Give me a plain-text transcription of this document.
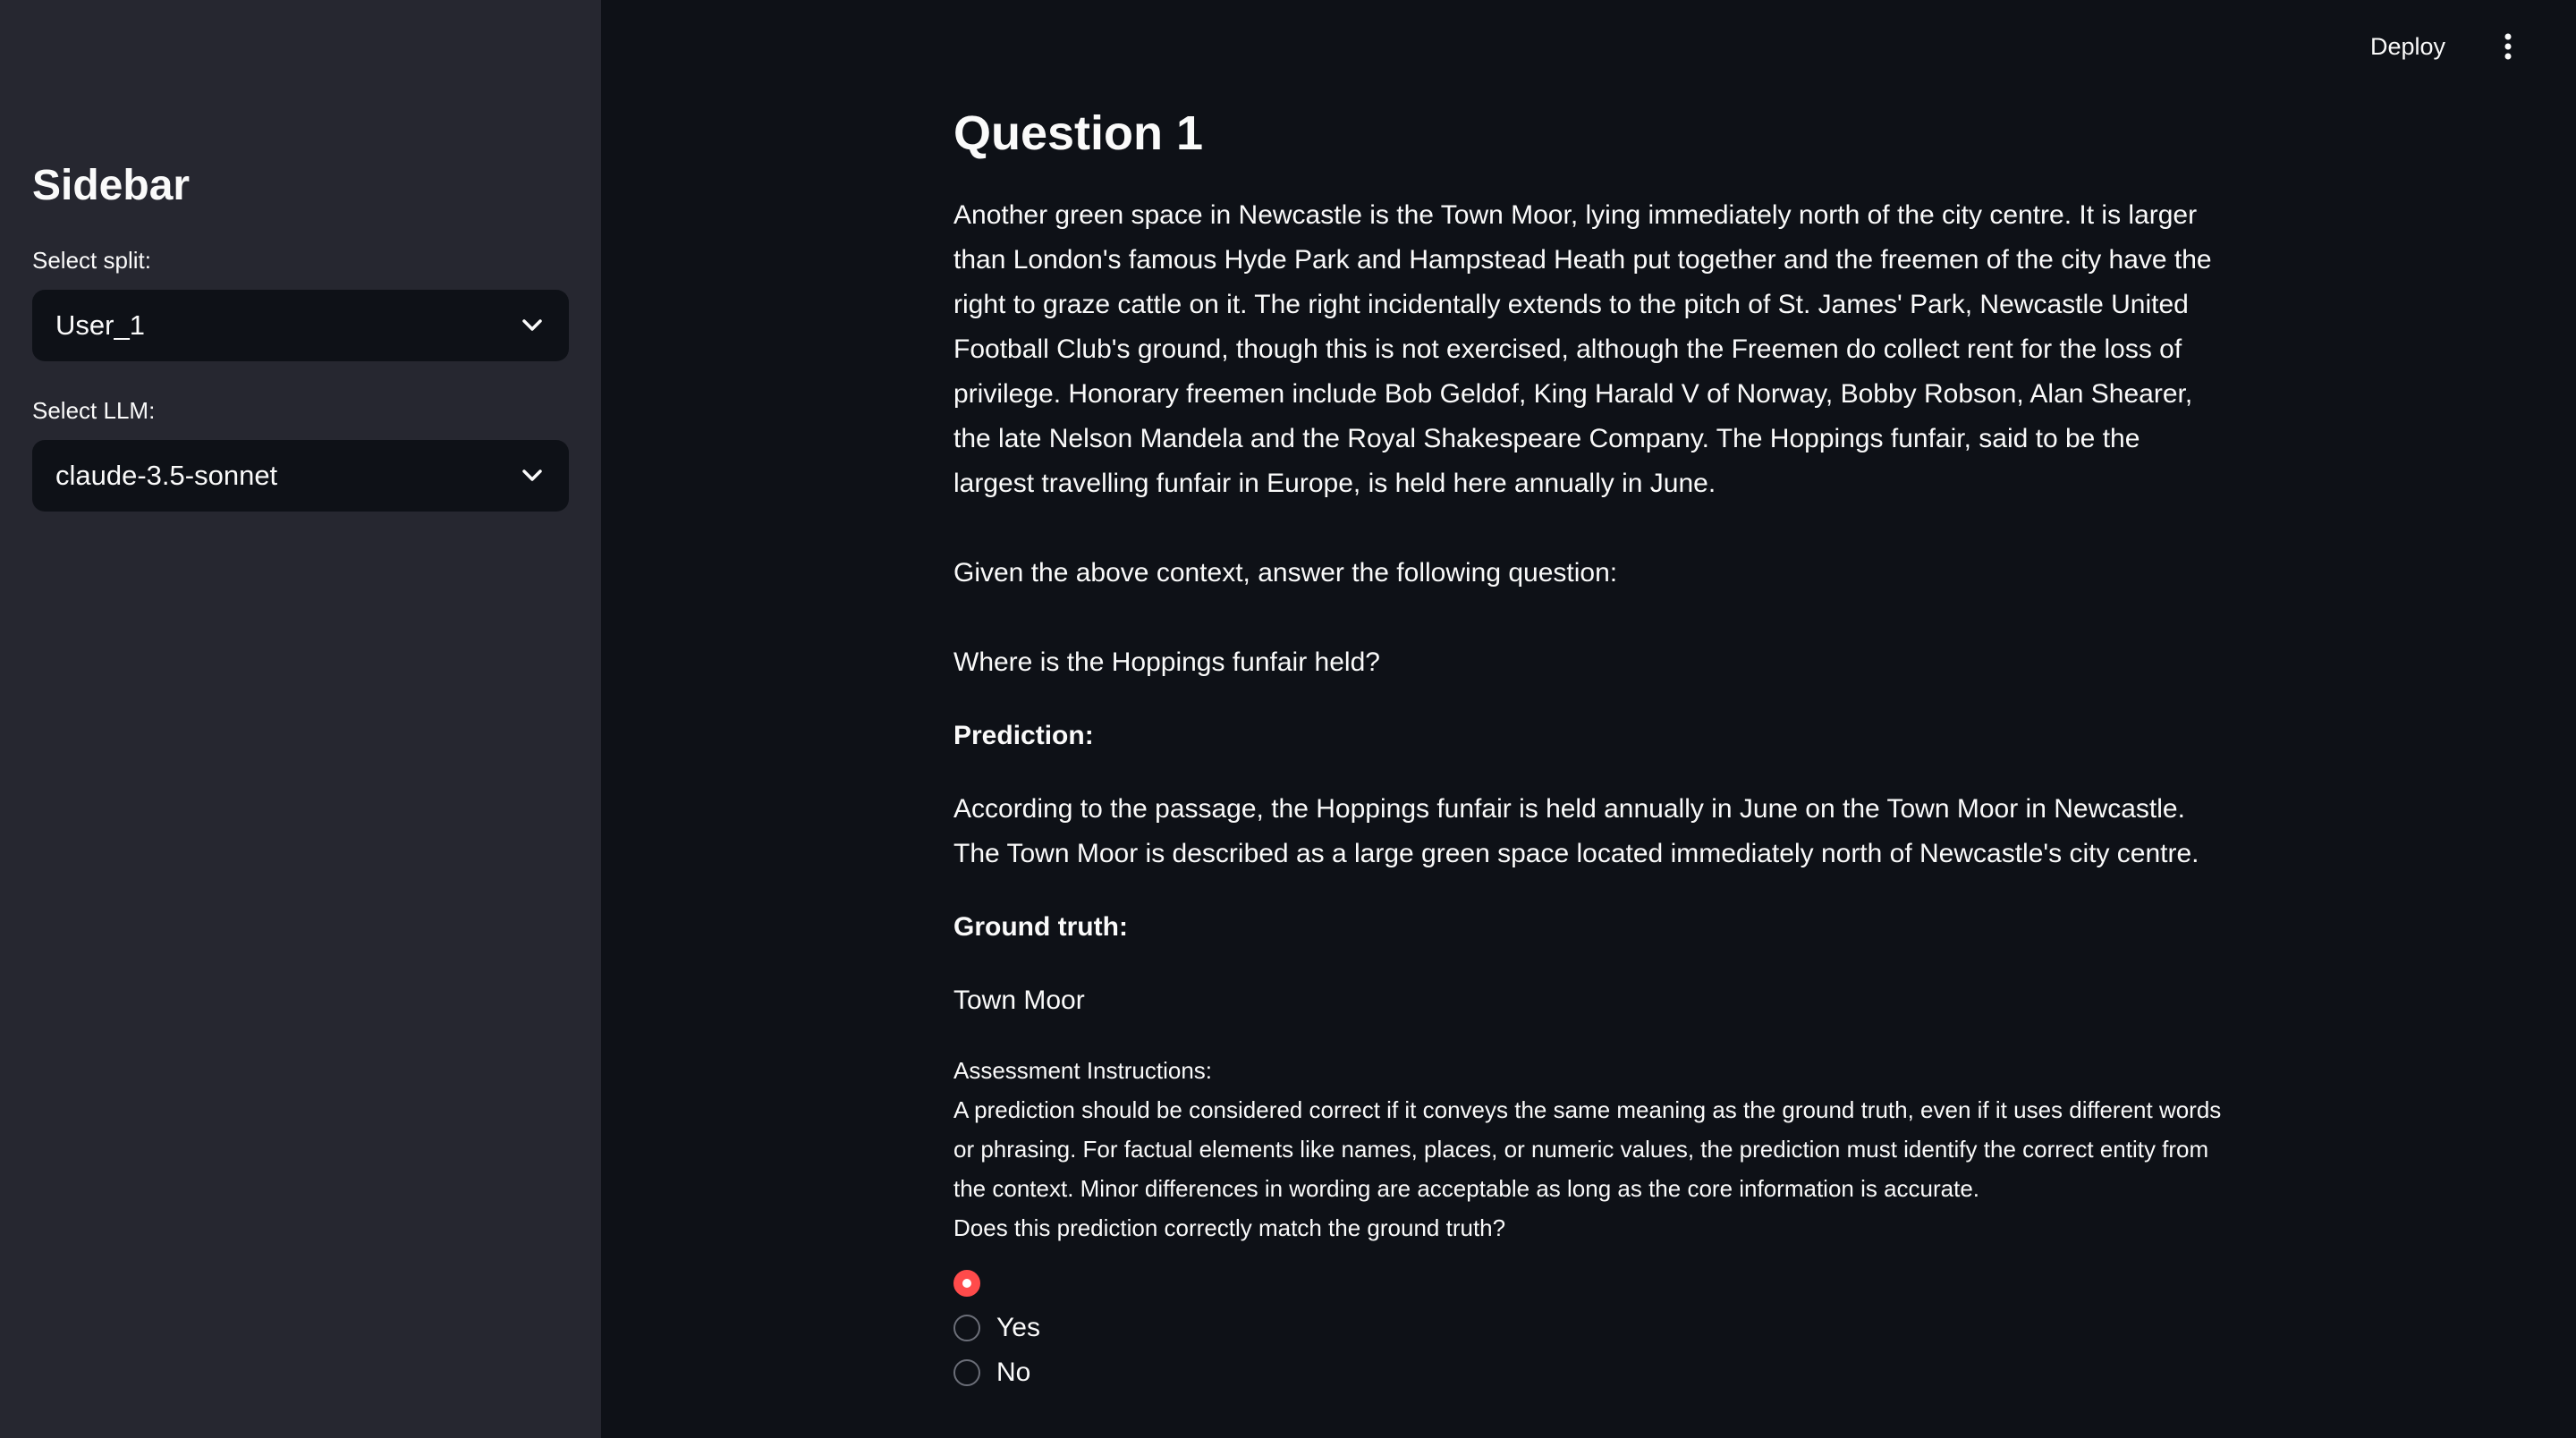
Sidebar
Select split:
User_1
Select LLM:
claude-3.5-sonnet
Deploy
Question 1

Another green space in Newcastle is the Town Moor, lying immediately north of the city centre. It is larger than London's famous Hyde Park and Hampstead Heath put together and the freemen of the city have the right to graze cattle on it. The right incidentally extends to the pitch of St. James' Park, Newcastle United Football Club's ground, though this is not exercised, although the Freemen do collect rent for the loss of privilege. Honorary freemen include Bob Geldof, King Harald V of Norway, Bobby Robson, Alan Shearer, the late Nelson Mandela and the Royal Shakespeare Company. The Hoppings funfair, said to be the largest travelling funfair in Europe, is held here annually in June.

Given the above context, answer the following question:

Where is the Hoppings funfair held?

Prediction:

According to the passage, the Hoppings funfair is held annually in June on the Town Moor in Newcastle. The Town Moor is described as a large green space located immediately north of Newcastle's city centre.

Ground truth:

Town Moor

Assessment Instructions:

A prediction should be considered correct if it conveys the same meaning as the ground truth, even if it uses different words or phrasing. For factual elements like names, places, or numeric values, the prediction must identify the correct entity from the context. Minor differences in wording are acceptable as long as the core information is accurate.

Does this prediction correctly match the ground truth?

Yes
No
